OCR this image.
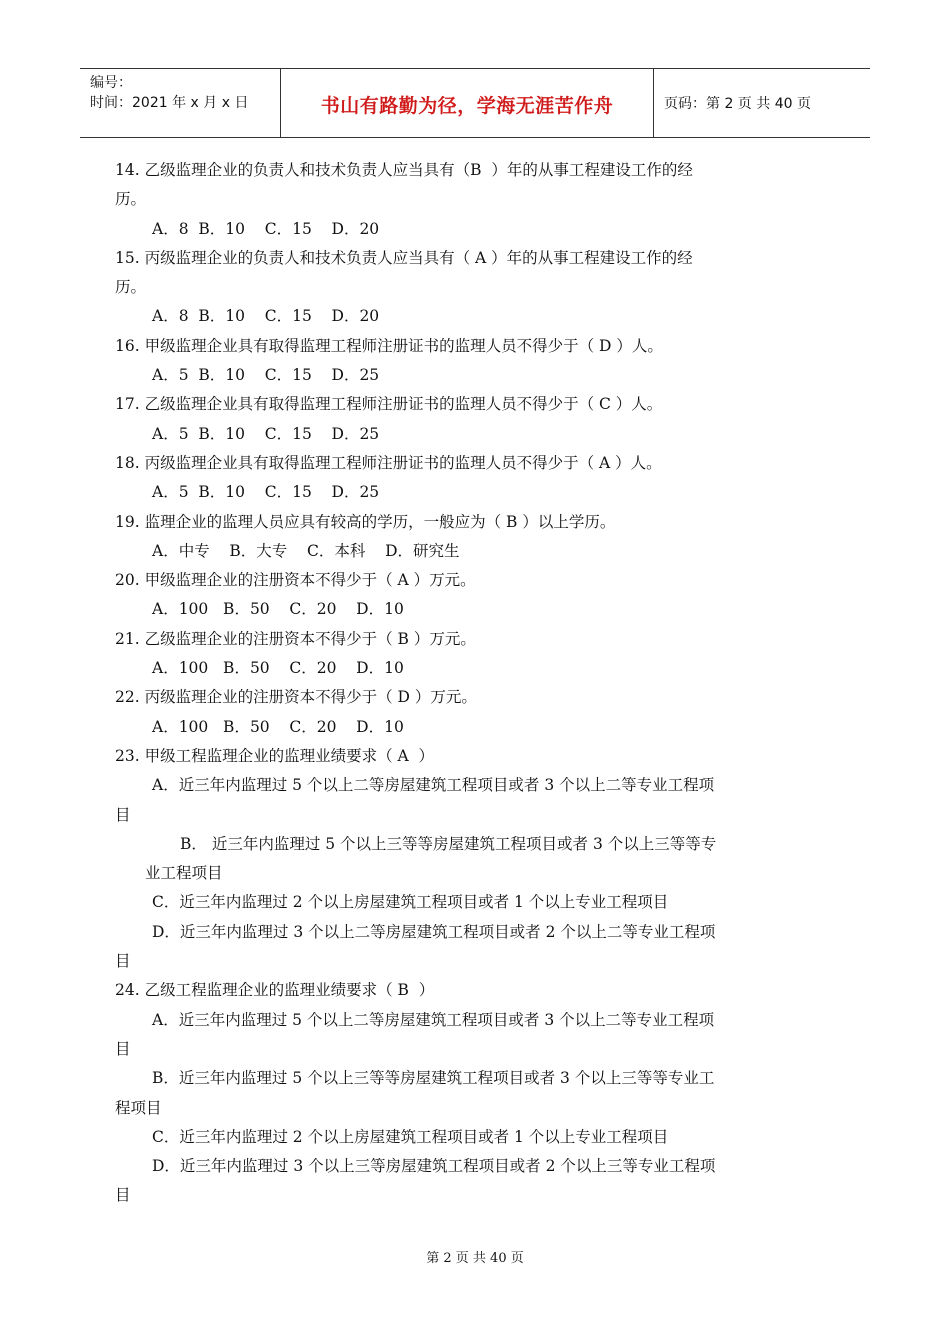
编号：
时间：2021 年 x 月 x 日	书山有路勤为径，学海无涯苦作舟	页码：第 2 页 共 40 页

14. 乙级监理企业的负责人和技术负责人应当具有（B  ）年的从事工程建设工作的经

历。

A．8  B．10    C．15    D．20

15. 丙级监理企业的负责人和技术负责人应当具有（ A ）年的从事工程建设工作的经

历。

A．8  B．10    C．15    D．20

16. 甲级监理企业具有取得监理工程师注册证书的监理人员不得少于（ D ）人。

A．5  B．10    C．15    D．25

17. 乙级监理企业具有取得监理工程师注册证书的监理人员不得少于（ C ）人。

A．5  B．10    C．15    D．25

18. 丙级监理企业具有取得监理工程师注册证书的监理人员不得少于（ A ）人。

A．5  B．10    C．15    D．25

19. 监理企业的监理人员应具有较高的学历，一般应为（ B ）以上学历。

A．中专    B．大专    C．本科    D．研究生

20. 甲级监理企业的注册资本不得少于（ A ）万元。

A．100   B．50    C．20    D．10

21. 乙级监理企业的注册资本不得少于（ B ）万元。

A．100   B．50    C．20    D．10

22. 丙级监理企业的注册资本不得少于（ D ）万元。

A．100   B．50    C．20    D．10

23. 甲级工程监理企业的监理业绩要求（ A  ）

A．近三年内监理过 5 个以上二等房屋建筑工程项目或者 3 个以上二等专业工程项

目

B． 近三年内监理过 5 个以上三等等房屋建筑工程项目或者 3 个以上三等等专

业工程项目

C．近三年内监理过 2 个以上房屋建筑工程项目或者 1 个以上专业工程项目

D．近三年内监理过 3 个以上二等房屋建筑工程项目或者 2 个以上二等专业工程项

目

24. 乙级工程监理企业的监理业绩要求（ B  ）

A．近三年内监理过 5 个以上二等房屋建筑工程项目或者 3 个以上二等专业工程项

目

B．近三年内监理过 5 个以上三等等房屋建筑工程项目或者 3 个以上三等等专业工

程项目

C．近三年内监理过 2 个以上房屋建筑工程项目或者 1 个以上专业工程项目

D．近三年内监理过 3 个以上三等房屋建筑工程项目或者 2 个以上三等专业工程项

目

第 2 页 共 40 页
